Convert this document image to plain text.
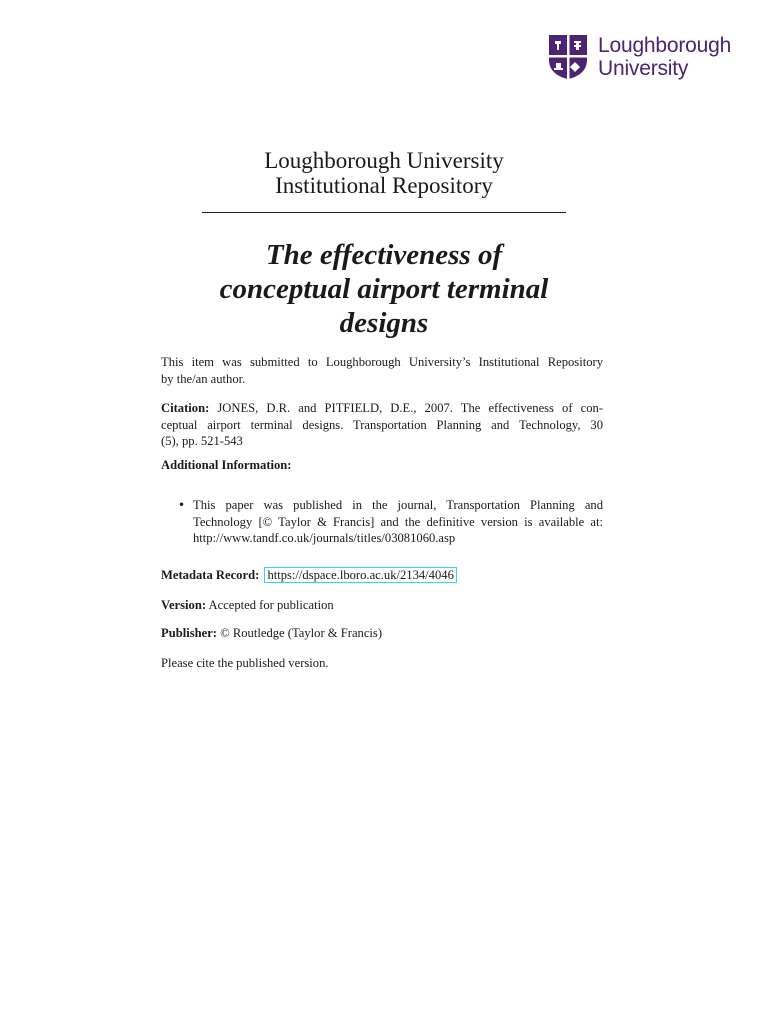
Loughborough
University
Loughborough University
Institutional Repository
The effectiveness of
conceptual airport terminal
designs
This item was submitted to Loughborough University’s Institutional Repository
by the/an author.
Citation: JONES, D.R. and PITFIELD, D.E., 2007. The effectiveness of con-
ceptual airport terminal designs. Transportation Planning and Technology, 30
(5), pp. 521-543
Additional Information:
• This paper was published in the journal, Transportation Planning and
Technology [© Taylor & Francis] and the definitive version is available at:
http://www.tandf.co.uk/journals/titles/03081060.asp
Metadata Record: https://dspace.lboro.ac.uk/2134/4046
Version: Accepted for publication
Publisher: © Routledge (Taylor & Francis)
Please cite the published version.
